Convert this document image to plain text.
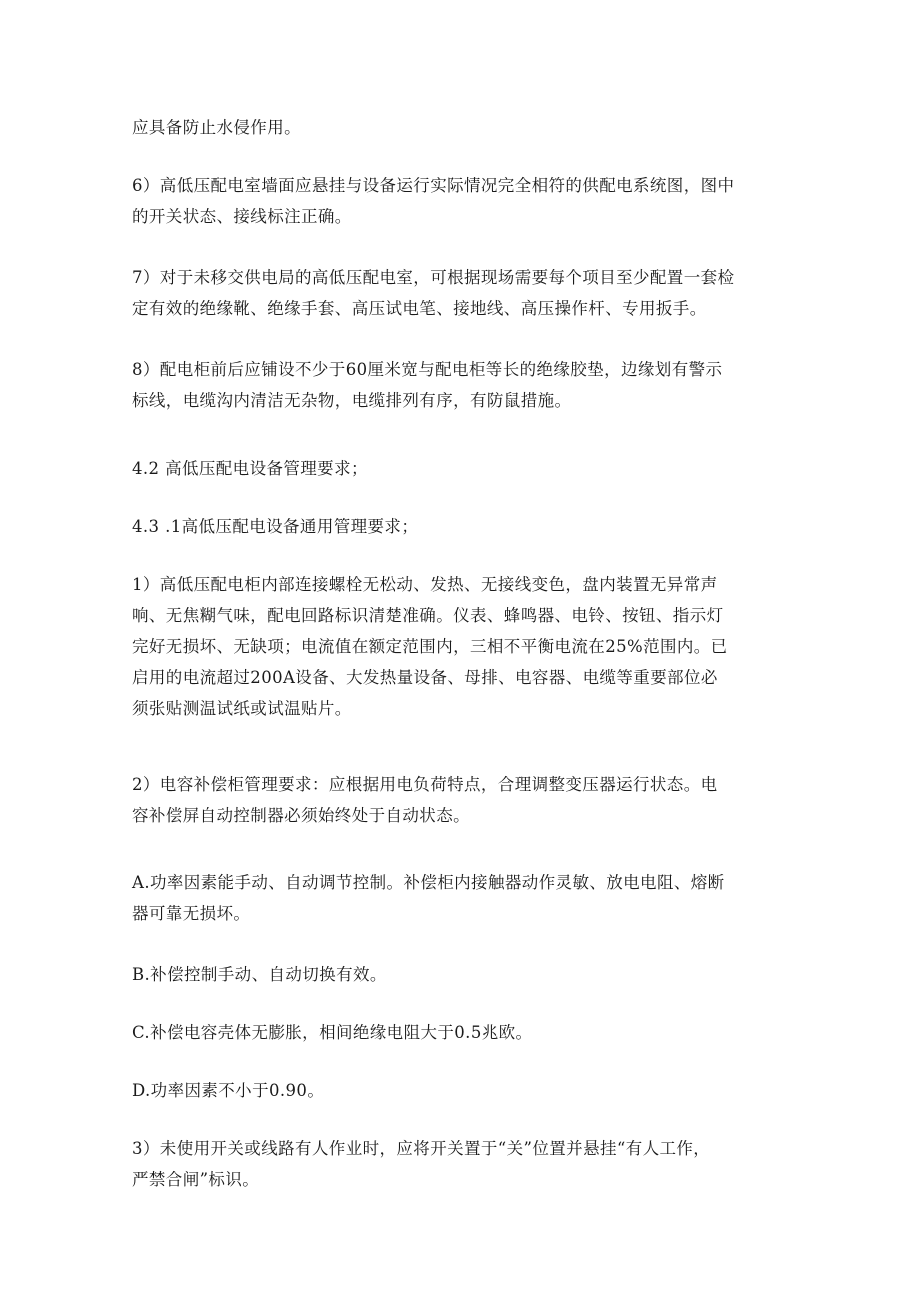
应具备防止水侵作用。

6）高低压配电室墙面应悬挂与设备运行实际情况完全相符的供配电系统图，图中
的开关状态、接线标注正确。

7）对于未移交供电局的高低压配电室，可根据现场需要每个项目至少配置一套检
定有效的绝缘靴、绝缘手套、高压试电笔、接地线、高压操作杆、专用扳手。

8）配电柜前后应铺设不少于60厘米宽与配电柜等长的绝缘胶垫，边缘划有警示
标线，电缆沟内清洁无杂物，电缆排列有序，有防鼠措施。

4.2 高低压配电设备管理要求；

4.3 .1高低压配电设备通用管理要求；

1）高低压配电柜内部连接螺栓无松动、发热、无接线变色，盘内装置无异常声
响、无焦糊气味，配电回路标识清楚准确。仪表、蜂鸣器、电铃、按钮、指示灯
完好无损坏、无缺项；电流值在额定范围内，三相不平衡电流在25%范围内。已
启用的电流超过200A设备、大发热量设备、母排、电容器、电缆等重要部位必
须张贴测温试纸或试温贴片。

2）电容补偿柜管理要求：应根据用电负荷特点，合理调整变压器运行状态。电
容补偿屏自动控制器必须始终处于自动状态。

A.功率因素能手动、自动调节控制。补偿柜内接触器动作灵敏、放电电阻、熔断
器可靠无损坏。

B.补偿控制手动、自动切换有效。

C.补偿电容壳体无膨胀，相间绝缘电阻大于0.5兆欧。

D.功率因素不小于0.90。

3）未使用开关或线路有人作业时，应将开关置于“关”位置并悬挂“有人工作，
严禁合闸”标识。
